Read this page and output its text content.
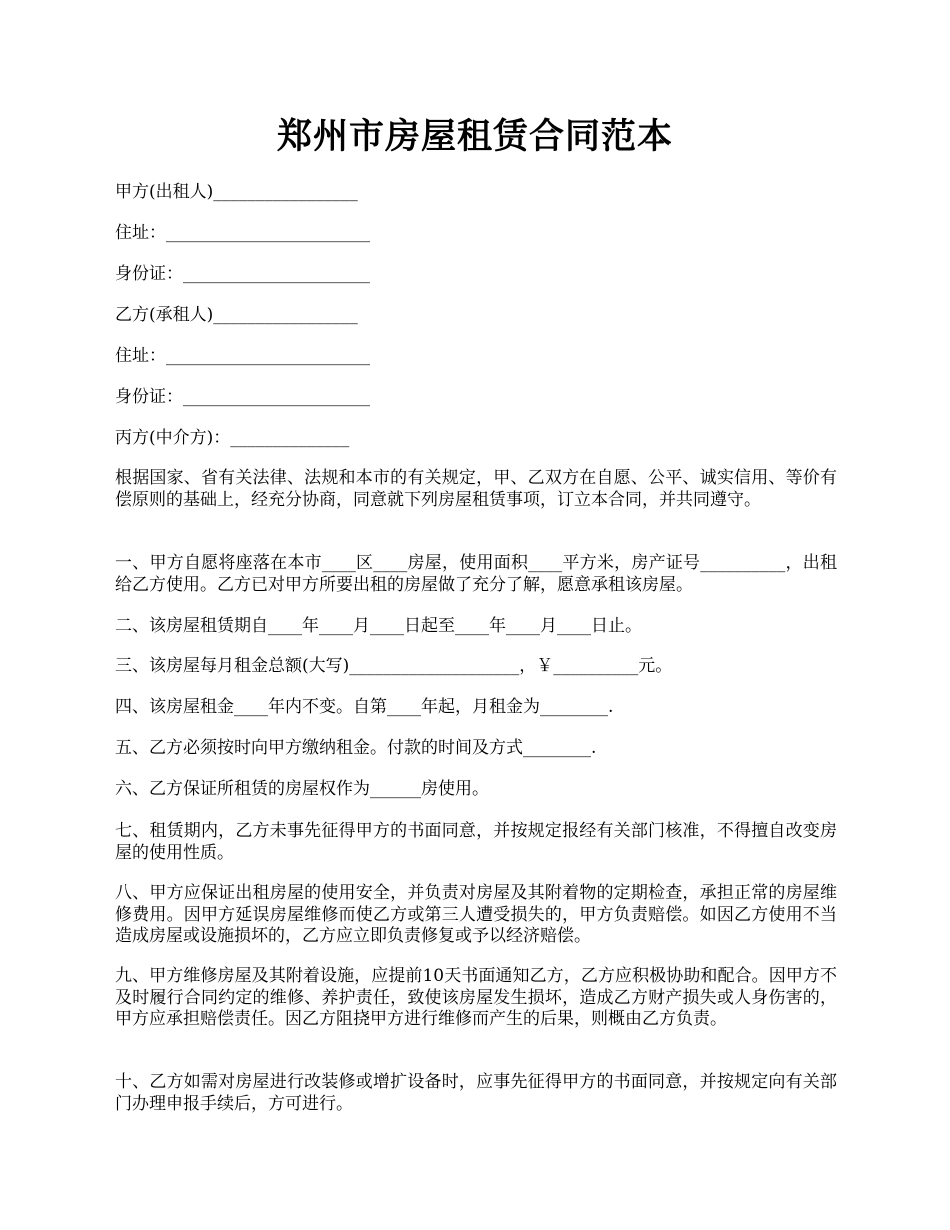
郑州市房屋租赁合同范本
甲方(出租人)_________________
住址：________________________
身份证：______________________
乙方(承租人)_________________
住址：________________________
身份证：______________________
丙方(中介方)：______________
根据国家、省有关法律、法规和本市的有关规定，甲、乙双方在自愿、公平、诚实信用、等价有偿原则的基础上，经充分协商，同意就下列房屋租赁事项，订立本合同，并共同遵守。
一、甲方自愿将座落在本市____区____房屋，使用面积____平方米，房产证号__________，出租给乙方使用。乙方已对甲方所要出租的房屋做了充分了解，愿意承租该房屋。
二、该房屋租赁期自____年____月____日起至____年____月____日止。
三、该房屋每月租金总额(大写)____________________，￥__________元。
四、该房屋租金____年内不变。自第____年起，月租金为________.
五、乙方必须按时向甲方缴纳租金。付款的时间及方式________.
六、乙方保证所租赁的房屋权作为______房使用。
七、租赁期内，乙方未事先征得甲方的书面同意，并按规定报经有关部门核准，不得擅自改变房屋的使用性质。
八、甲方应保证出租房屋的使用安全，并负责对房屋及其附着物的定期检查，承担正常的房屋维修费用。因甲方延误房屋维修而使乙方或第三人遭受损失的，甲方负责赔偿。如因乙方使用不当造成房屋或设施损坏的，乙方应立即负责修复或予以经济赔偿。
九、甲方维修房屋及其附着设施，应提前10天书面通知乙方，乙方应积极协助和配合。因甲方不及时履行合同约定的维修、养护责任，致使该房屋发生损坏，造成乙方财产损失或人身伤害的，甲方应承担赔偿责任。因乙方阻挠甲方进行维修而产生的后果，则概由乙方负责。
十、乙方如需对房屋进行改装修或增扩设备时，应事先征得甲方的书面同意，并按规定向有关部门办理申报手续后，方可进行。
